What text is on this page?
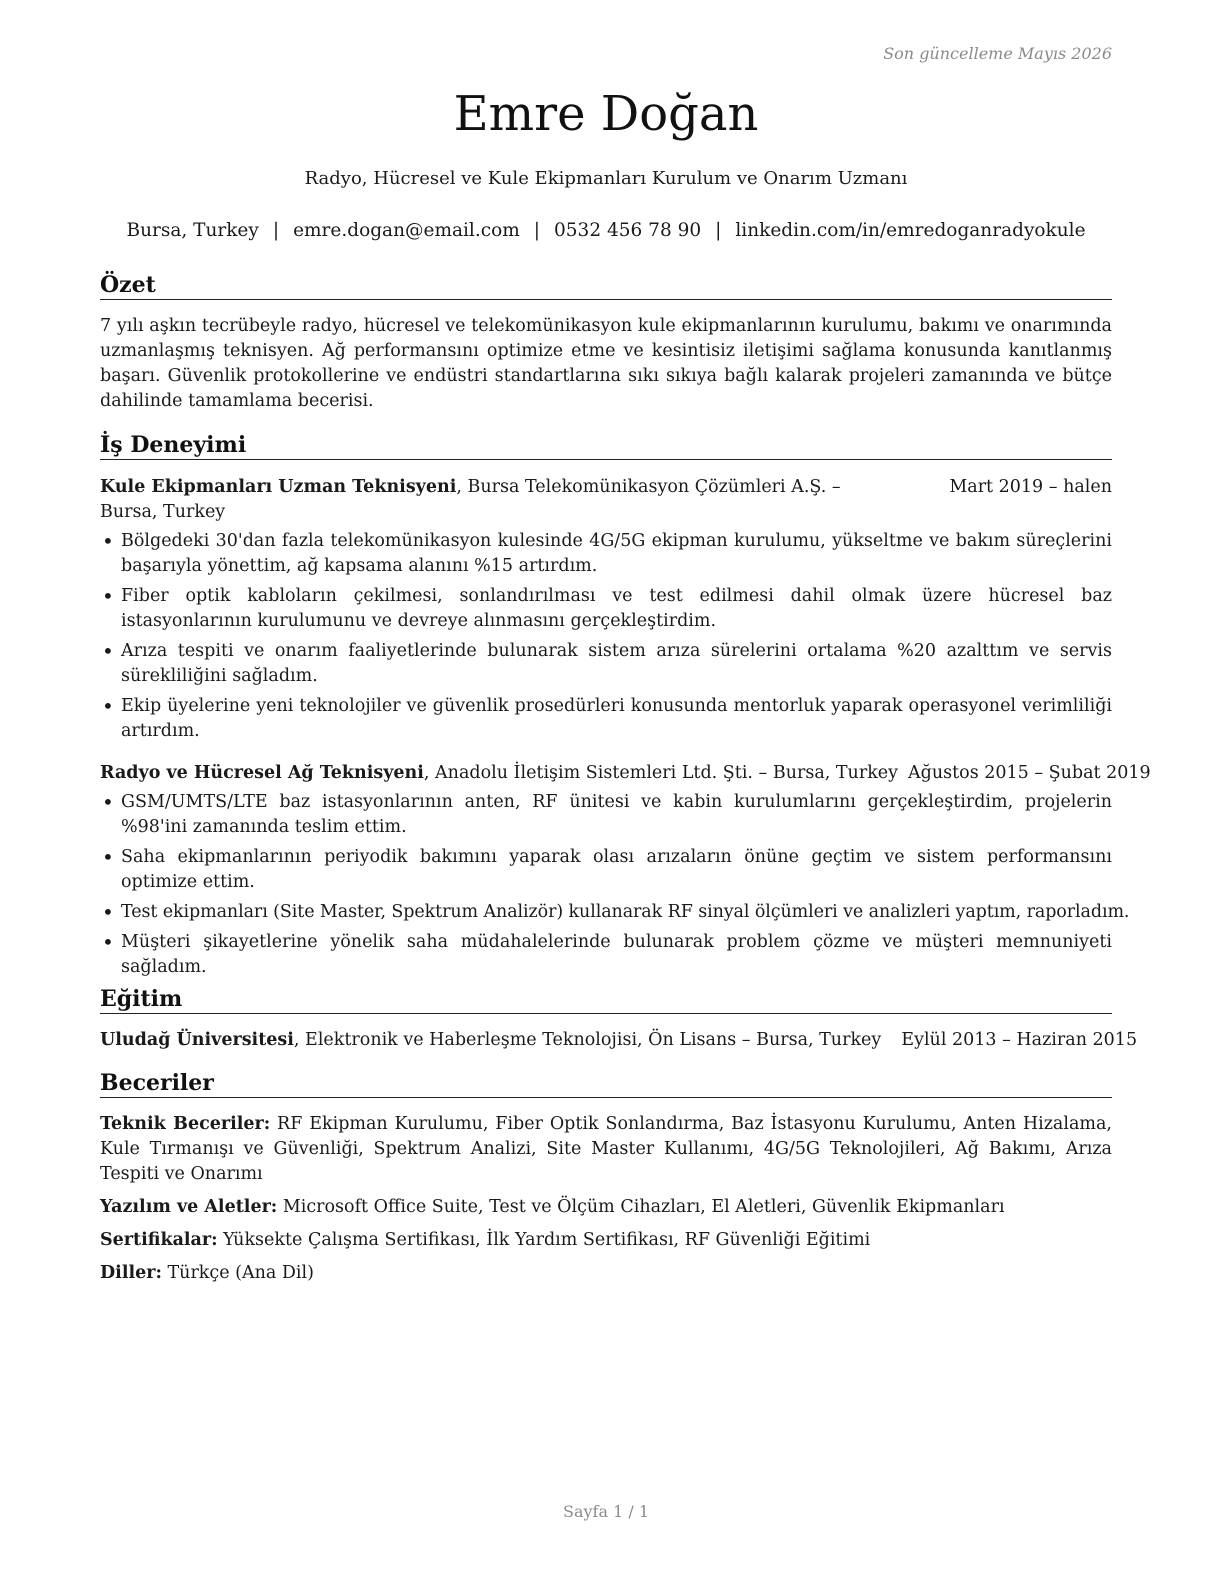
Son güncelleme Mayıs 2026
Emre Doğan
Radyo, Hücresel ve Kule Ekipmanları Kurulum ve Onarım Uzmanı
Bursa, Turkey | emre.dogan@email.com | 0532 456 78 90 | linkedin.com/in/emredoganradyokule
Özet

7 yılı aşkın tecrübeyle radyo, hücresel ve telekomünikasyon kule ekipmanlarının kurulumu, bakımı ve onarımında uzmanlaşmış teknisyen. Ağ performansını optimize etme ve kesintisiz iletişimi sağlama konusunda kanıtlanmış başarı. Güvenlik protokollerine ve endüstri standartlarına sıkı sıkıya bağlı kalarak projeleri zamanında ve bütçe dahilinde tamamlama becerisi.

İş Deneyimi
Kule Ekipmanları Uzman Teknisyeni, Bursa Telekomünikasyon Çözümleri A.Ş. – Bursa, Turkey
Mart 2019 – halen
• Bölgedeki 30'dan fazla telekomünikasyon kulesinde 4G/5G ekipman kurulumu, yükseltme ve bakım süreçlerini başarıyla yönettim, ağ kapsama alanını %15 artırdım.
• Fiber optik kabloların çekilmesi, sonlandırılması ve test edilmesi dahil olmak üzere hücresel baz istasyonlarının kurulumunu ve devreye alınmasını gerçekleştirdim.
• Arıza tespiti ve onarım faaliyetlerinde bulunarak sistem arıza sürelerini ortalama %20 azalttım ve servis sürekliliğini sağladım.
• Ekip üyelerine yeni teknolojiler ve güvenlik prosedürleri konusunda mentorluk yaparak operasyonel verimliliği artırdım.
Radyo ve Hücresel Ağ Teknisyeni, Anadolu İletişim Sistemleri Ltd. Şti. – Bursa, Turkey Ağustos 2015 – Şubat 2019
• GSM/UMTS/LTE baz istasyonlarının anten, RF ünitesi ve kabin kurulumlarını gerçekleştirdim, projelerin %98'ini zamanında teslim ettim.
• Saha ekipmanlarının periyodik bakımını yaparak olası arızaların önüne geçtim ve sistem performansını optimize ettim.
• Test ekipmanları (Site Master, Spektrum Analizör) kullanarak RF sinyal ölçümleri ve analizleri yaptım, raporladım.
• Müşteri şikayetlerine yönelik saha müdahalelerinde bulunarak problem çözme ve müşteri memnuniyeti sağladım.
Eğitim
Uludağ Üniversitesi, Elektronik ve Haberleşme Teknolojisi, Ön Lisans – Bursa, Turkey	Eylül 2013 – Haziran 2015
Beceriler
Teknik Beceriler: RF Ekipman Kurulumu, Fiber Optik Sonlandırma, Baz İstasyonu Kurulumu, Anten Hizalama, Kule Tırmanışı ve Güvenliği, Spektrum Analizi, Site Master Kullanımı, 4G/5G Teknolojileri, Ağ Bakımı, Arıza Tespiti ve Onarımı
Yazılım ve Aletler: Microsoft Office Suite, Test ve Ölçüm Cihazları, El Aletleri, Güvenlik Ekipmanları
Sertifikalar: Yüksekte Çalışma Sertifikası, İlk Yardım Sertifikası, RF Güvenliği Eğitimi
Diller: Türkçe (Ana Dil)
Sayfa 1 / 1
